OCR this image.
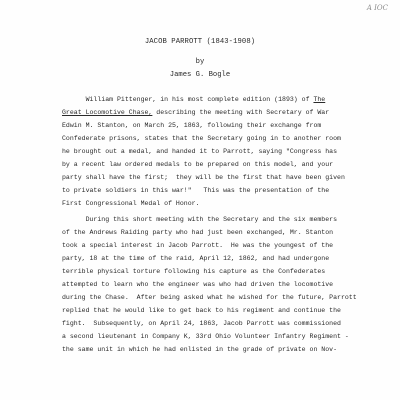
A IOC
JACOB PARROTT (1843-1908)
by
James G. Bogle
William Pittenger, in his most complete edition (1893) of The
Great Locomotive Chase, describing the meeting with Secretary of War
Edwin M. Stanton, on March 25, 1863, following their exchange from
Confederate prisons, states that the Secretary going in to another room
he brought out a medal, and handed it to Parrott, saying "Congress has
by a recent law ordered medals to be prepared on this model, and your
party shall have the first;  they will be the first that have been given
to private soldiers in this war!"   This was the presentation of the
First Congressional Medal of Honor.
During this short meeting with the Secretary and the six members
of the Andrews Raiding party who had just been exchanged, Mr. Stanton
took a special interest in Jacob Parrott.  He was the youngest of the
party, 18 at the time of the raid, April 12, 1862, and had undergone
terrible physical torture following his capture as the Confederates
attempted to learn who the engineer was who had driven the locomotive
during the Chase.  After being asked what he wished for the future, Parrott
replied that he would like to get back to his regiment and continue the
fight.  Subsequently, on April 24, 1863, Jacob Parrott was commissioned
a second lieutenant in Company K, 33rd Ohio Volunteer Infantry Regiment -
the same unit in which he had enlisted in the grade of private on Nov-
